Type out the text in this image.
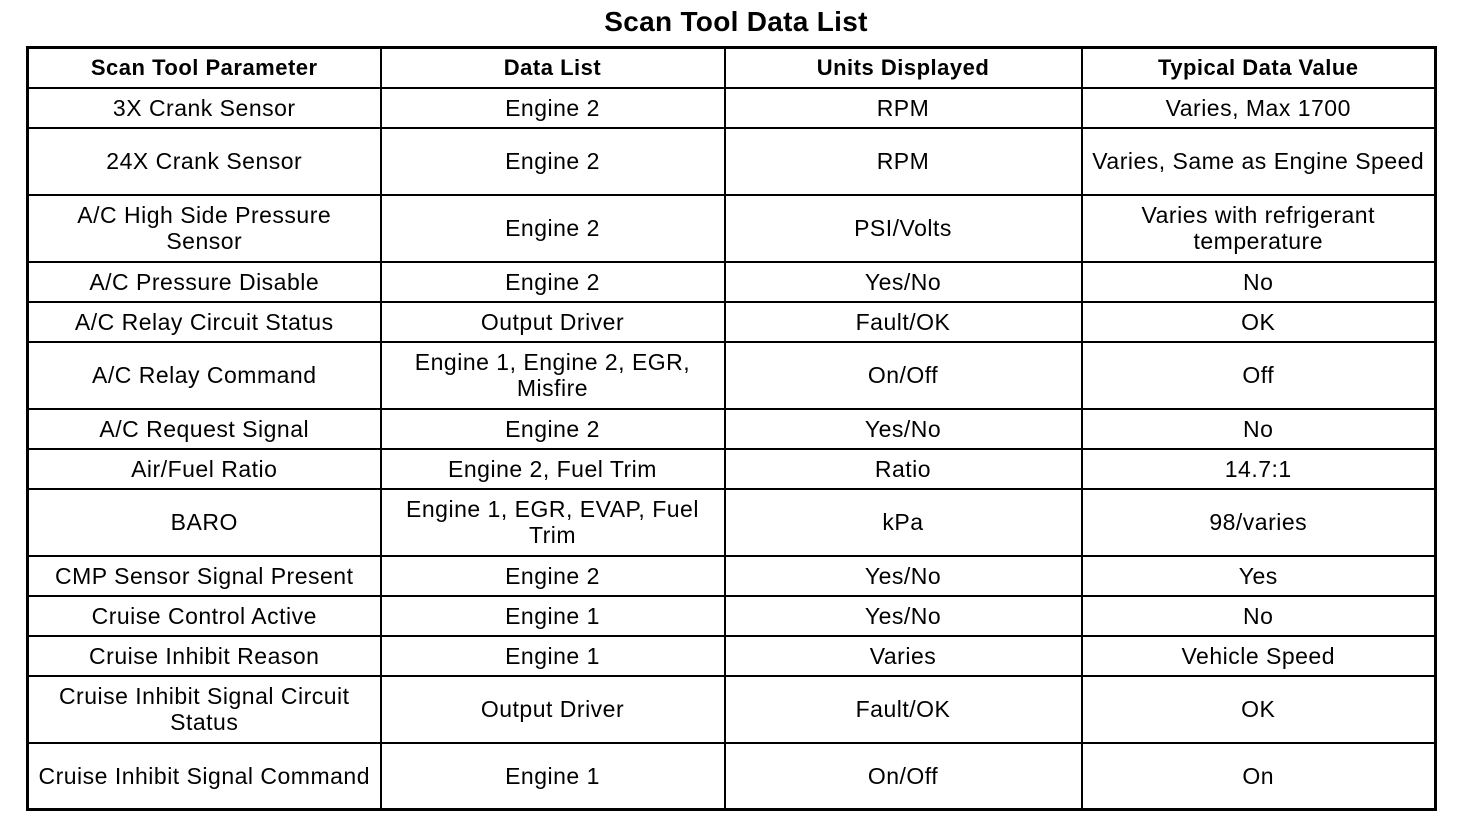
Scan Tool Data List
Scan Tool Parameter	Data List	Units Displayed	Typical Data Value
3X Crank Sensor	Engine 2	RPM	Varies, Max 1700
24X Crank Sensor	Engine 2	RPM	Varies, Same as Engine Speed
A/C High Side Pressure Sensor	Engine 2	PSI/Volts	Varies with refrigerant temperature
A/C Pressure Disable	Engine 2	Yes/No	No
A/C Relay Circuit Status	Output Driver	Fault/OK	OK
A/C Relay Command	Engine 1, Engine 2, EGR, Misfire	On/Off	Off
A/C Request Signal	Engine 2	Yes/No	No
Air/Fuel Ratio	Engine 2, Fuel Trim	Ratio	14.7:1
BARO	Engine 1, EGR, EVAP, Fuel Trim	kPa	98/varies
CMP Sensor Signal Present	Engine 2	Yes/No	Yes
Cruise Control Active	Engine 1	Yes/No	No
Cruise Inhibit Reason	Engine 1	Varies	Vehicle Speed
Cruise Inhibit Signal Circuit Status	Output Driver	Fault/OK	OK
Cruise Inhibit Signal Command	Engine 1	On/Off	On
